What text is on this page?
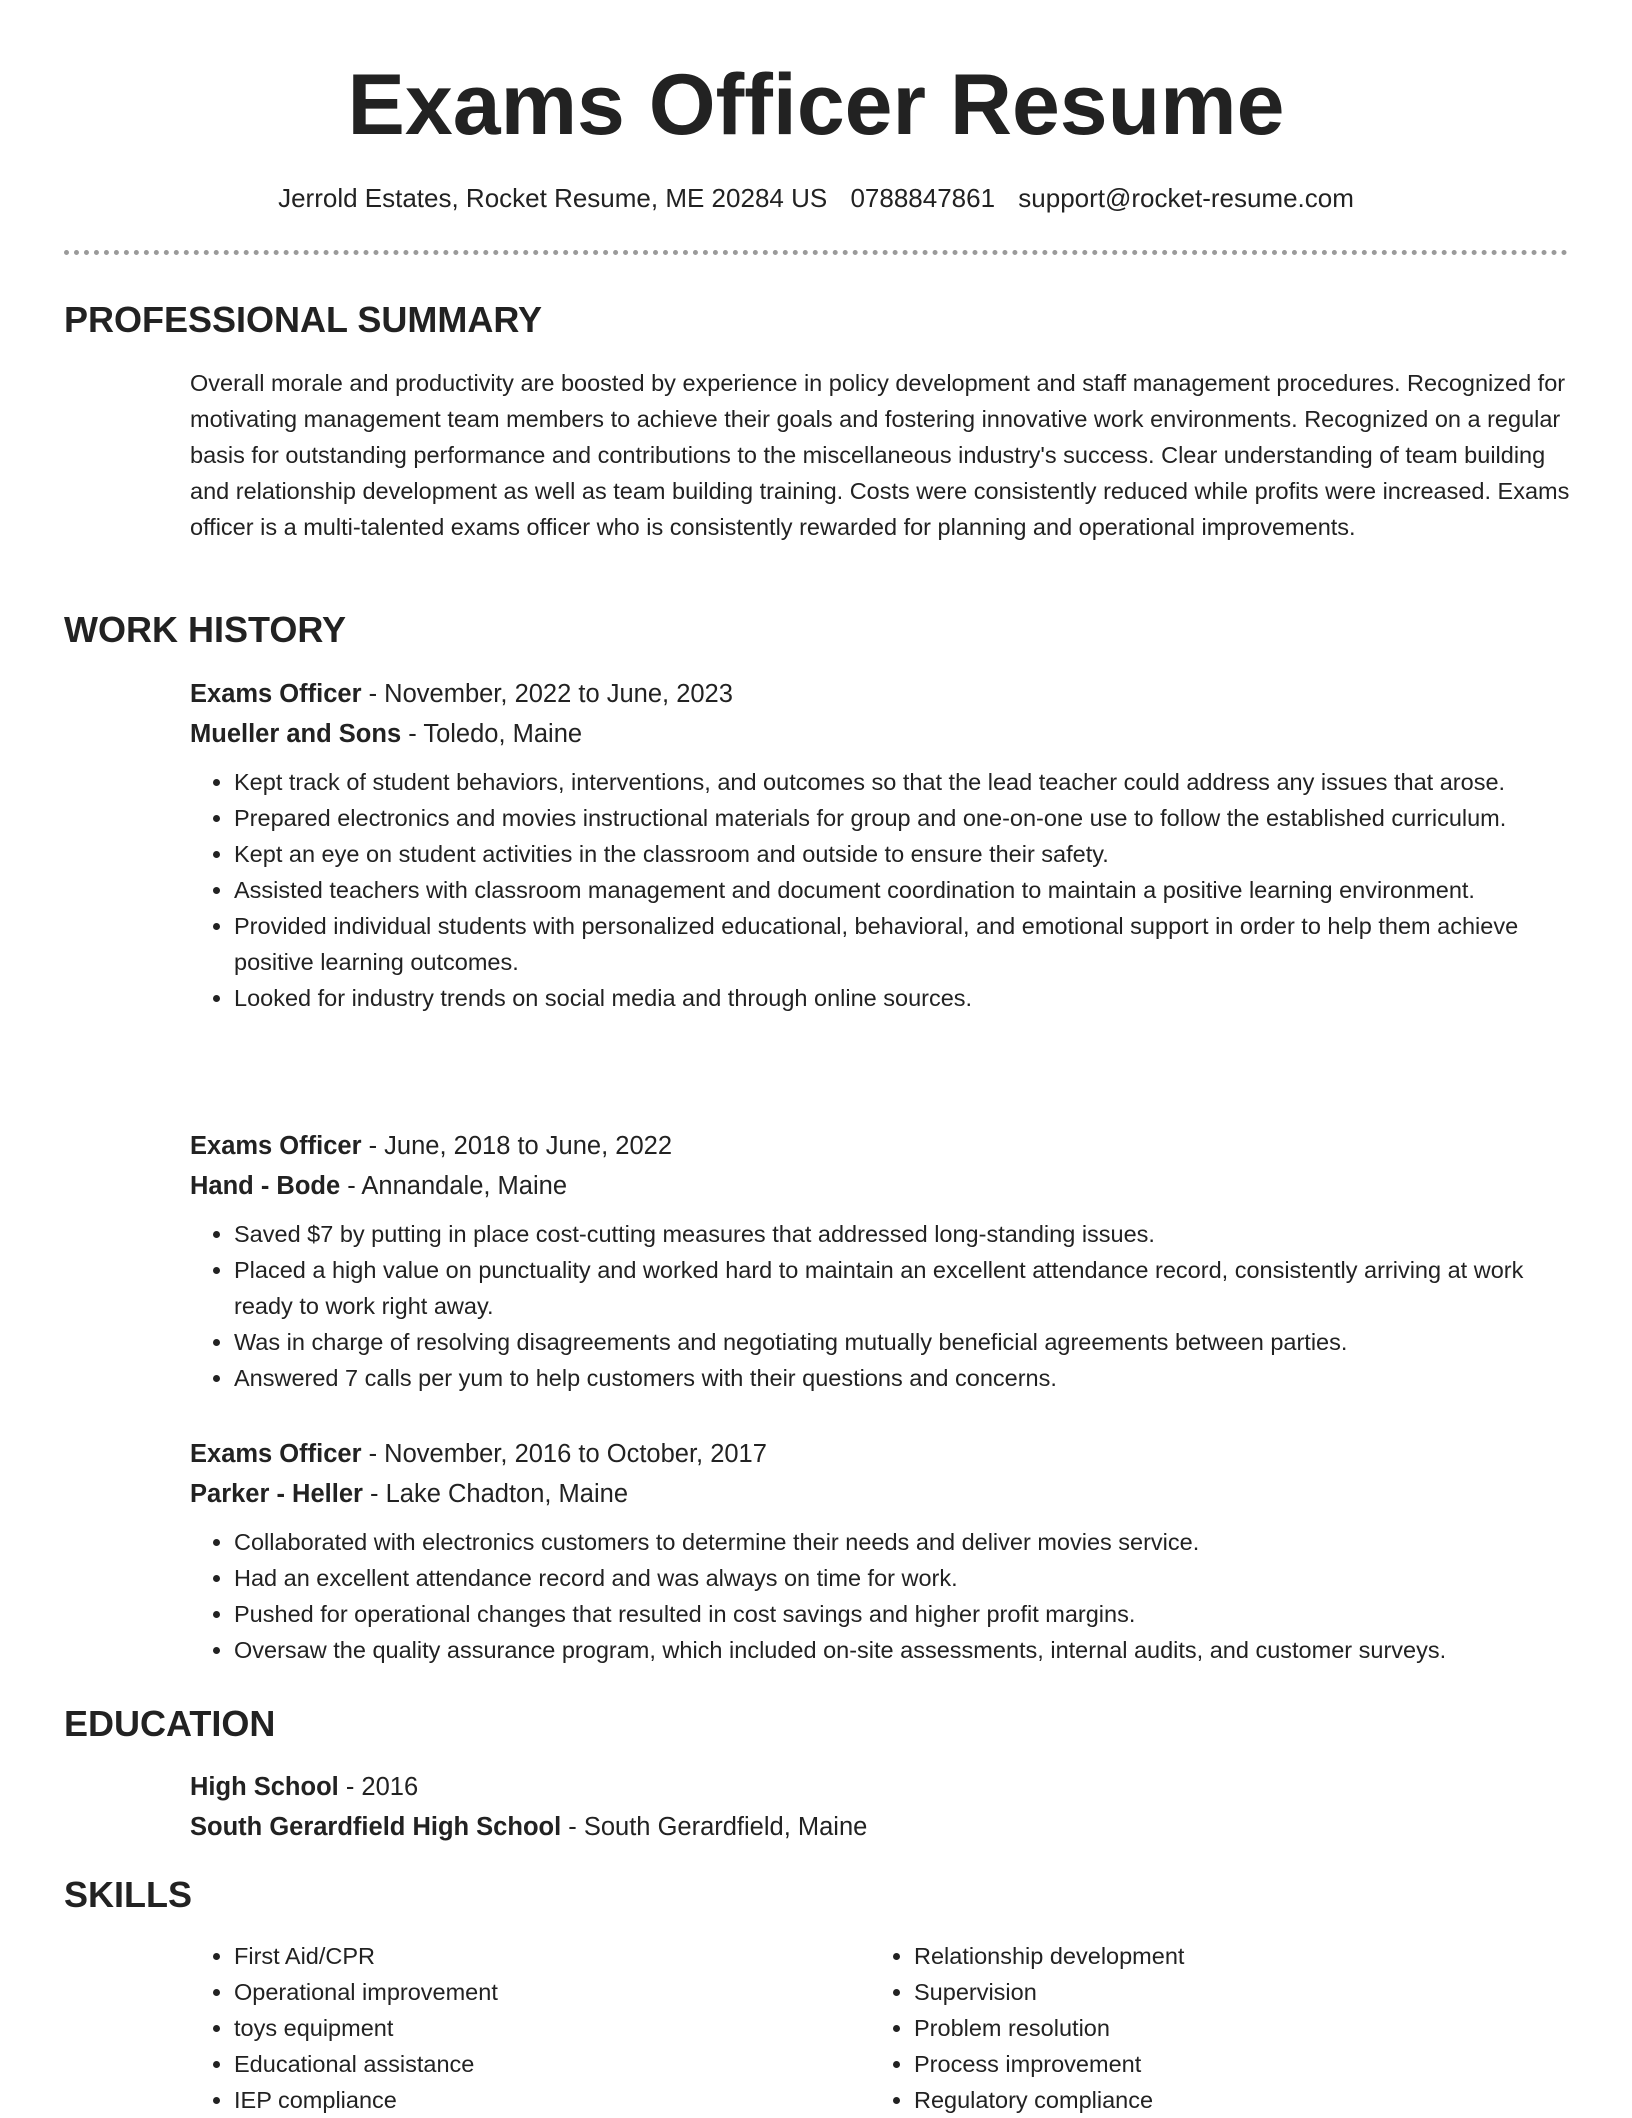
Exams Officer Resume
Jerrold Estates, Rocket Resume, ME 20284 US 0788847861 support@rocket-resume.com
PROFESSIONAL SUMMARY

Overall morale and productivity are boosted by experience in policy development and staff management procedures. Recognized for motivating management team members to achieve their goals and fostering innovative work environments. Recognized on a regular basis for outstanding performance and contributions to the miscellaneous industry's success. Clear understanding of team building and relationship development as well as team building training. Costs were consistently reduced while profits were increased. Exams officer is a multi-talented exams officer who is consistently rewarded for planning and operational improvements.

WORK HISTORY

Exams Officer - November, 2022 to June, 2023

Mueller and Sons - Toledo, Maine

• Kept track of student behaviors, interventions, and outcomes so that the lead teacher could address any issues that arose.
• Prepared electronics and movies instructional materials for group and one-on-one use to follow the established curriculum.
• Kept an eye on student activities in the classroom and outside to ensure their safety.
• Assisted teachers with classroom management and document coordination to maintain a positive learning environment.
• Provided individual students with personalized educational, behavioral, and emotional support in order to help them achieve positive learning outcomes.
• Looked for industry trends on social media and through online sources.

Exams Officer - June, 2018 to June, 2022

Hand - Bode - Annandale, Maine

• Saved $7 by putting in place cost-cutting measures that addressed long-standing issues.
• Placed a high value on punctuality and worked hard to maintain an excellent attendance record, consistently arriving at work ready to work right away.
• Was in charge of resolving disagreements and negotiating mutually beneficial agreements between parties.
• Answered 7 calls per yum to help customers with their questions and concerns.

Exams Officer - November, 2016 to October, 2017

Parker - Heller - Lake Chadton, Maine

• Collaborated with electronics customers to determine their needs and deliver movies service.
• Had an excellent attendance record and was always on time for work.
• Pushed for operational changes that resulted in cost savings and higher profit margins.
• Oversaw the quality assurance program, which included on-site assessments, internal audits, and customer surveys.
EDUCATION

High School - 2016

South Gerardfield High School - South Gerardfield, Maine

SKILLS
• First Aid/CPR
• Operational improvement
• toys equipment
• Educational assistance
• IEP compliance
• Relationship development
• Supervision
• Problem resolution
• Process improvement
• Regulatory compliance
